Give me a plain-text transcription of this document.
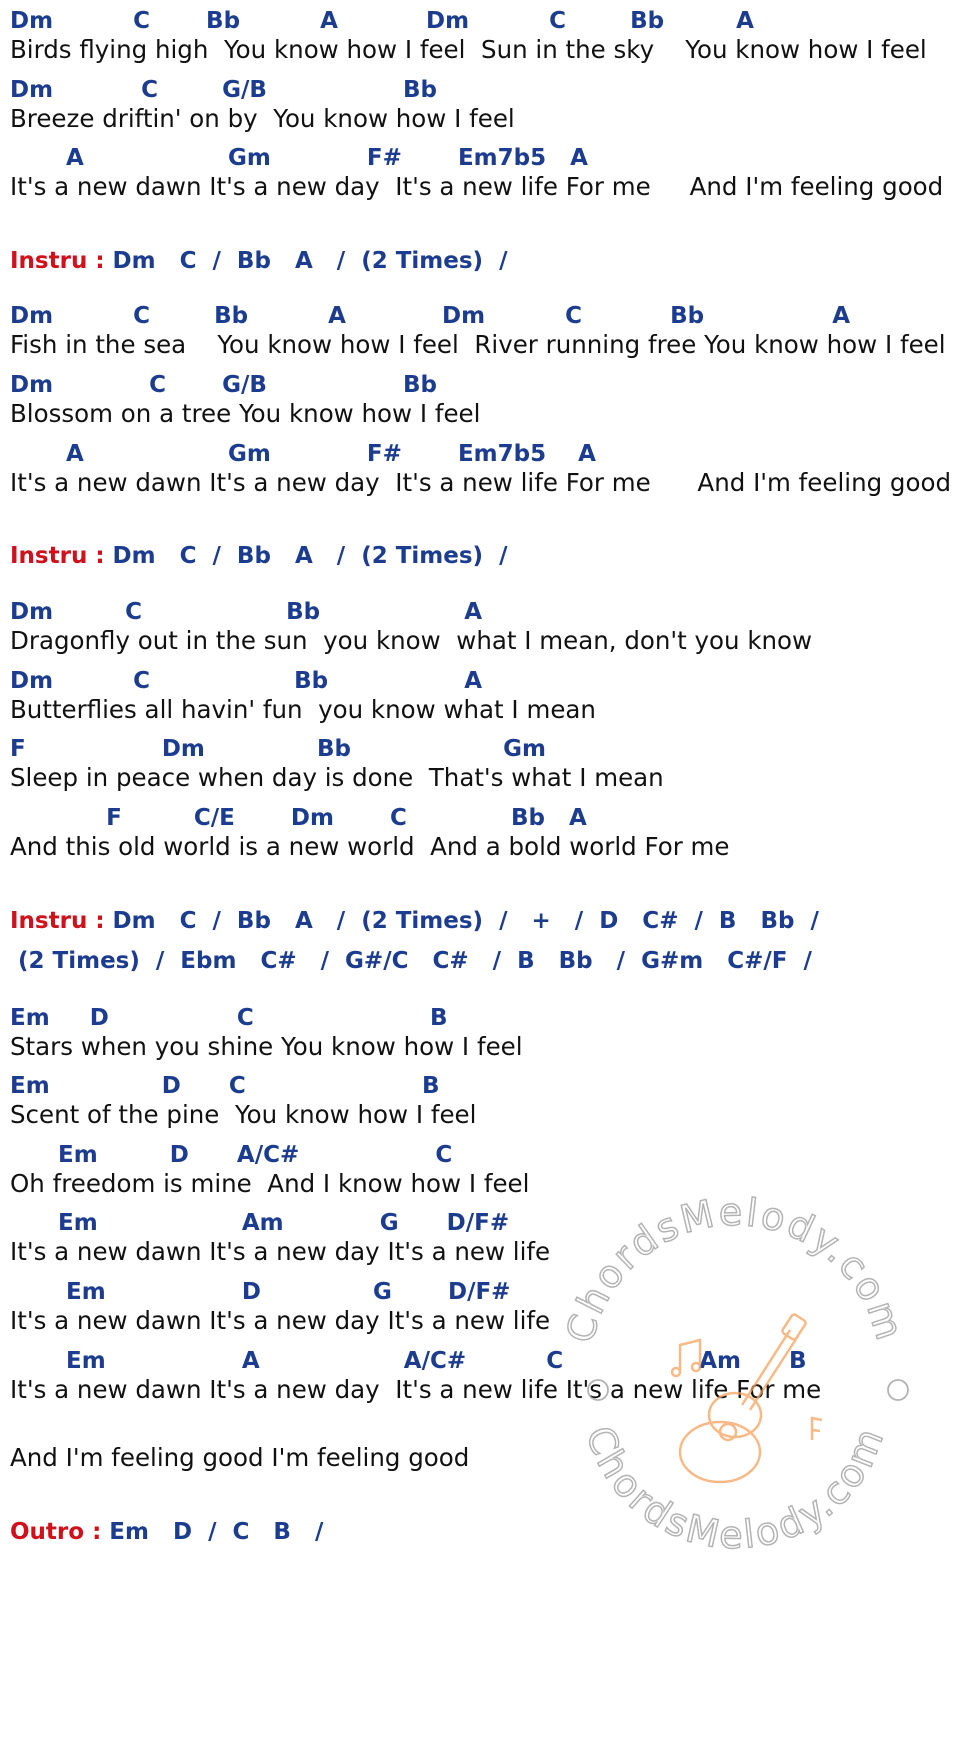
Dm          C       Bb          A           Dm          C        Bb         A
Birds flying high  You know how I feel  Sun in the sky    You know how I feel
Dm           C        G/B                 Bb
Breeze driftin' on by  You know how I feel
A                  Gm            F#       Em7b5   A
It's a new dawn It's a new day  It's a new life For me     And I'm feeling good
Instru : Dm   C  /  Bb   A   /  (2 Times)  /
Dm          C        Bb          A            Dm          C           Bb                A
Fish in the sea    You know how I feel  River running free You know how I feel
Dm            C       G/B                 Bb
Blossom on a tree You know how I feel
A                  Gm            F#       Em7b5    A
It's a new dawn It's a new day  It's a new life For me      And I'm feeling good
Instru : Dm   C  /  Bb   A   /  (2 Times)  /
Dm         C                  Bb                  A
Dragonfly out in the sun  you know  what I mean, don't you know
Dm          C                  Bb                 A
Butterflies all havin' fun  you know what I mean
F                 Dm              Bb                   Gm
Sleep in peace when day is done  That's what I mean
F         C/E       Dm       C             Bb   A
And this old world is a new world  And a bold world For me
Instru : Dm   C  /  Bb   A   /  (2 Times)  /   +   /  D   C#  /  B   Bb  /
(2 Times)  /  Ebm   C#   /  G#/C   C#   /  B   Bb   /  G#m   C#/F  /
Em     D                C                      B
Stars when you shine You know how I feel
Em              D      C                      B
Scent of the pine  You know how I feel
Em         D      A/C#                 C
Oh freedom is mine  And I know how I feel
Em                  Am            G      D/F#
It's a new dawn It's a new day It's a new life
Em                 D              G       D/F#
It's a new dawn It's a new day It's a new life
Em                 A                  A/C#          C                 Am      B
It's a new dawn It's a new day  It's a new life It's a new life For me
And I'm feeling good I'm feeling good
Outro : Em   D  /  C   B   /
ChordsMelody.com
ChordsMelody.com
